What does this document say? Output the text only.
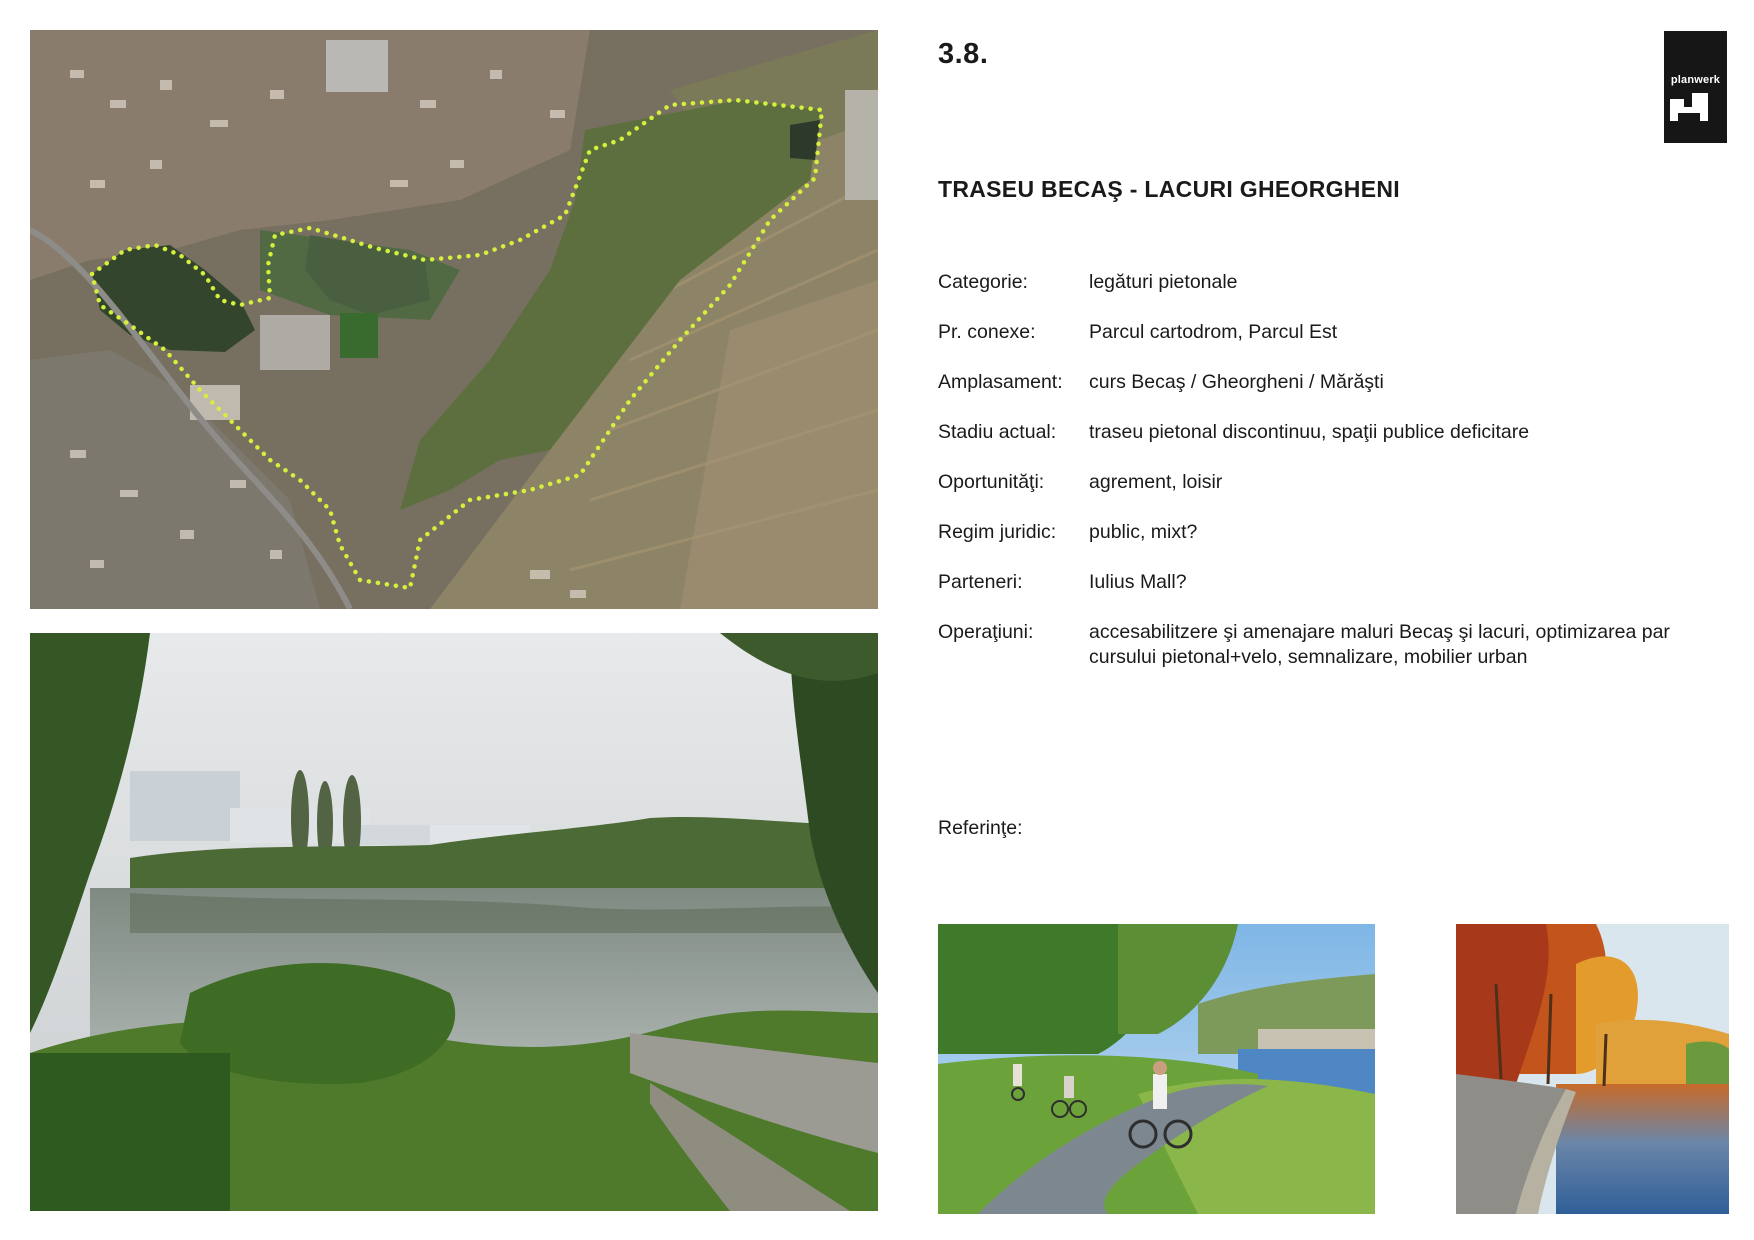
3.8.
planwerk
TRASEU BECAŞ - LACURI GHEORGHENI
Categorie:	legături pietonale
Pr. conexe:	Parcul cartodrom, Parcul Est
Amplasament:	curs Becaş / Gheorgheni / Mărăşti
Stadiu actual:	traseu pietonal discontinuu, spaţii publice deficitare
Oportunităţi:	agrement, loisir
Regim juridic:	public, mixt?
Parteneri:	Iulius Mall?
Operaţiuni:	accesabilitzere şi amenajare maluri Becaş şi lacuri, optimizarea par cursului pietonal+velo, semnalizare, mobilier urban
Referinţe:
